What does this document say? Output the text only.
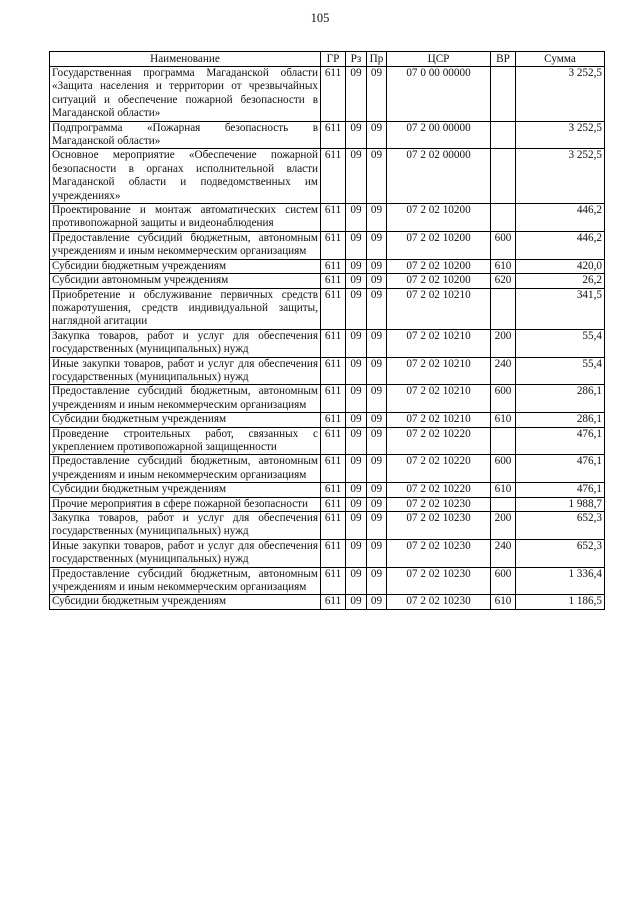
105
Наименование	ГР	Рз	Пр	ЦСР	ВР	Сумма
Государственная программа Магаданской области «Защита населения и территории от чрезвычайных ситуаций и обеспечение пожарной безопасности в Магаданской области»	611	09	09	07 0 00 00000		3 252,5
Подпрограмма «Пожарная безопасность в Магаданской области»	611	09	09	07 2 00 00000		3 252,5
Основное мероприятие «Обеспечение пожарной безопасности в органах исполнительной власти Магаданской области и подведомственных им учреждениях»	611	09	09	07 2 02 00000		3 252,5
Проектирование и монтаж автоматических систем противопожарной защиты и видеонаблюдения	611	09	09	07 2 02 10200		446,2
Предоставление субсидий бюджетным, автономным учреждениям и иным некоммерческим организациям	611	09	09	07 2 02 10200	600	446,2
Субсидии бюджетным учреждениям	611	09	09	07 2 02 10200	610	420,0
Субсидии автономным учреждениям	611	09	09	07 2 02 10200	620	26,2
Приобретение и обслуживание первичных средств пожаротушения, средств индивидуальной защиты, наглядной агитации	611	09	09	07 2 02 10210		341,5
Закупка товаров, работ и услуг для обеспечения государственных (муниципальных) нужд	611	09	09	07 2 02 10210	200	55,4
Иные закупки товаров, работ и услуг для обеспечения государственных (муниципальных) нужд	611	09	09	07 2 02 10210	240	55,4
Предоставление субсидий бюджетным, автономным учреждениям и иным некоммерческим организациям	611	09	09	07 2 02 10210	600	286,1
Субсидии бюджетным учреждениям	611	09	09	07 2 02 10210	610	286,1
Проведение строительных работ, связанных с укреплением противопожарной защищенности	611	09	09	07 2 02 10220		476,1
Предоставление субсидий бюджетным, автономным учреждениям и иным некоммерческим организациям	611	09	09	07 2 02 10220	600	476,1
Субсидии бюджетным учреждениям	611	09	09	07 2 02 10220	610	476,1
Прочие мероприятия в сфере пожарной безопасности	611	09	09	07 2 02 10230		1 988,7
Закупка товаров, работ и услуг для обеспечения государственных (муниципальных) нужд	611	09	09	07 2 02 10230	200	652,3
Иные закупки товаров, работ и услуг для обеспечения государственных (муниципальных) нужд	611	09	09	07 2 02 10230	240	652,3
Предоставление субсидий бюджетным, автономным учреждениям и иным некоммерческим организациям	611	09	09	07 2 02 10230	600	1 336,4
Субсидии бюджетным учреждениям	611	09	09	07 2 02 10230	610	1 186,5
